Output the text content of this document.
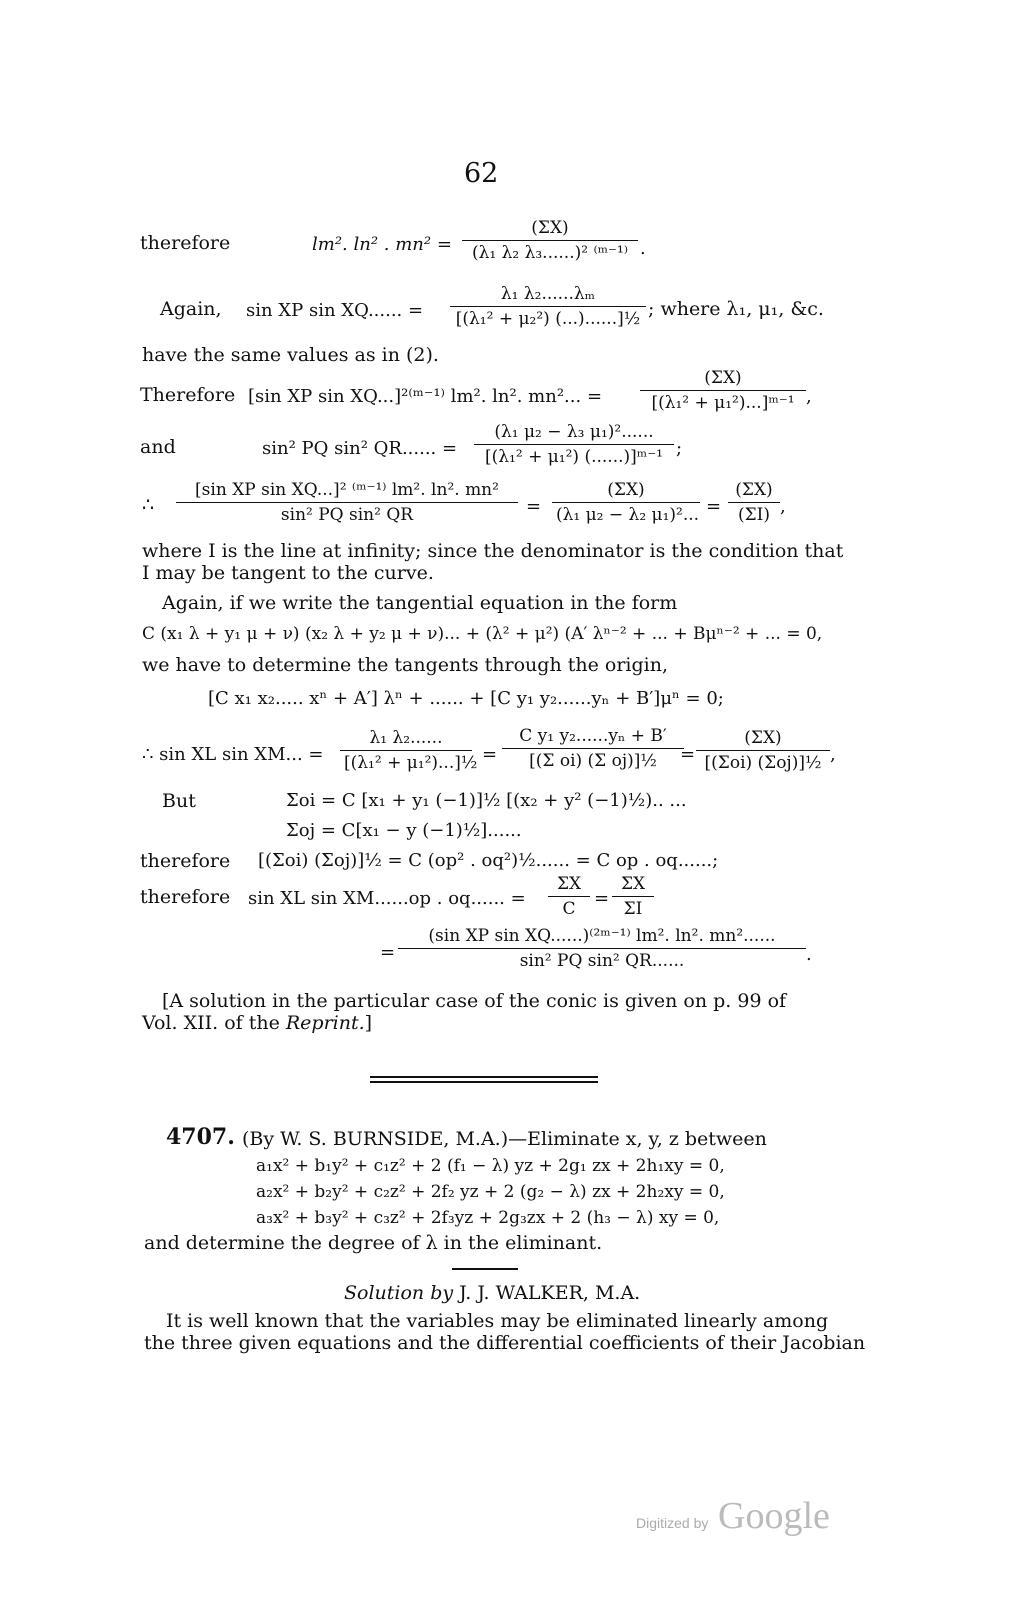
62
therefore	lm². ln² . $mn^2 = \frac{(\Sigma X)}{\text{(λ₁ λ₂ λ₃......)² ⁽ᵐ⁻¹⁾}}$ .
Again, sin XP sin XQ...... = $\frac{\text{λ₁ λ₂......λₘ}}{\text{[(λ₁² + μ₂²) (...)......]½}}$ ; where λ₁, μ₁, &c.
have the same values as in (2).
Therefore [sin XP sin XQ...]²⁽ᵐ⁻¹⁾ lm². ln². mn²... = $\frac{(\Sigma X)}{\text{[(λ₁² + μ₁²)...]ᵐ⁻¹}}$ ,
and	sin² PQ sin² QR...... = $\frac{\text{(λ₁ μ₂ − λ₃ μ₁)²......}}{\text{[(λ₁² + μ₁²) (......)]ᵐ⁻¹}}$ ;
∴ $\frac{\text{[sin XP sin XQ...]² ⁽ᵐ⁻¹⁾ lm². ln². mn²}}{\text{sin² PQ sin² QR}} = \frac{(\Sigma X)}{\text{(λ₁ μ₂ − λ₂ μ₁)²...}} = \frac{(\Sigma X)}{(\Sigma I)}$ ,
where I is the line at infinity; since the denominator is the condition that
I may be tangent to the curve.
Again, if we write the tangential equation in the form
C (x₁ λ + y₁ μ + ν) (x₂ λ + y₂ μ + ν)... + (λ² + μ²) (A′ λⁿ⁻² + ... + Bμⁿ⁻² + ... = 0,
we have to determine the tangents through the origin,
[C x₁ x₂..... xⁿ + A′] λⁿ + ...... + [C y₁ y₂......yₙ + B′]μⁿ = 0;
∴ sin XL sin XM... = $\frac{\text{λ₁ λ₂......}}{\text{[(λ₁² + μ₁²)...]½}} = \frac{\text{C y₁ y₂......yₙ + B′}}{\text{[(Σ oi) (Σ oj)]½}}$
=
(ΣX)
[(Σoi) (Σoj)]½ ,
But	Σoi = C [x₁ + y₁ (−1)]½ [(x₂ + y² (−1)½).. ...
Σoj = C[x₁ − y (−1)½]......
therefore [(Σoi) (Σoj)]½ = C (op² . oq²)½...... = C op . oq......;
therefore sin XL sin XM......op . oq...... = $\frac{\Sigma X}{C} = \frac{\Sigma X}{\Sigma I}$
= $\frac{\text{(sin XP sin XQ......)⁽²ᵐ⁻¹⁾ lm². ln². mn²......}}{\text{sin² PQ sin² QR......}}$ .
[A solution in the particular case of the conic is given on p. 99 of
Vol. XII. of the Reprint.]
4707. (By W. S. BURNSIDE, M.A.)—Eliminate x, y, z between
a₁x² + b₁y² + c₁z² + 2 (f₁ − λ) yz + 2g₁ zx + 2h₁xy = 0,
a₂x² + b₂y² + c₂z² + 2f₂ yz + 2 (g₂ − λ) zx + 2h₂xy = 0,
a₃x² + b₃y² + c₃z² + 2f₃yz + 2g₃zx + 2 (h₃ − λ) xy = 0,
and determine the degree of λ in the eliminant.
Solution by J. J. WALKER, M.A.
It is well known that the variables may be eliminated linearly among
the three given equations and the differential coefficients of their Jacobian
Digitized by Google
